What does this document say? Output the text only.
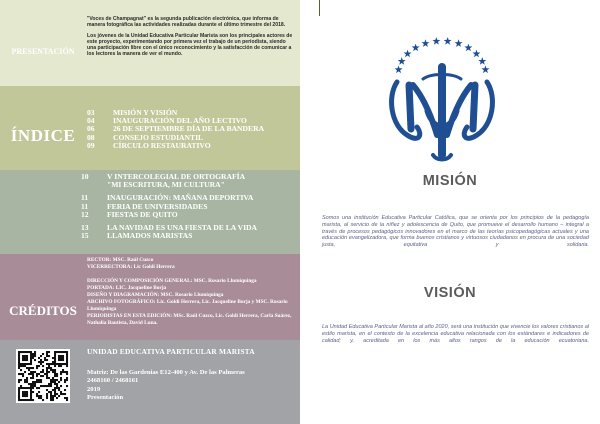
PRESENTACIÓN

"Voces de Champagnat" es la segunda publicación electrónica, que informa de manera fotográfica las actividades realizadas durante el último trimestre del 2018.

Los jóvenes de la Unidad Educativa Particular Marista son los principales actores de este proyecto, experimentando por primera vez el trabajo de un periodista, siendo una participación libre con el único reconocimiento y la satisfacción de comunicar a los lectores la manera de ver el mundo.

ÍNDICE
03 MISIÓN Y VISIÓN
04 INAUGURACIÓN DEL AÑO LECTIVO
06 26 DE SEPTIEMBRE DÍA DE LA BANDERA
08 CONSEJO ESTUDIANTIL
09 CÍRCULO RESTAURATIVO
10 V INTERCOLEGIAL DE ORTOGRAFÍA
"MI ESCRITURA, MI CULTURA"
11 INAUGURACIÓN: MAÑANA DEPORTIVA
11 FERIA DE UNIVERSIDADES
12 FIESTAS DE QUITO
13 LA NAVIDAD ES UNA FIESTA DE LA VIDA
15 LLAMADOS MARISTAS
CRÉDITOS

RECTOR: MSC. Raúl Cuzco

VICERRECTORA: Lic Goldi Herrera

DIRECCIÓN Y COMPOSICIÓN GENERAL: MSC. Rosario Llumiquinga

PORTADA: LIC. Jacqueline Borja

DISEÑO Y DIAGRAMACIÓN: MSC. Rosario Llumiquinga

ARCHIVO FOTOGRÁFICO: Lic. Goldi Herrera, Lic. Jacqueline Borja y MSC. Rosario Llumiquinga

PERIODISTAS EN ESTA EDICIÓN: MSc. Raúl Cuzco, Lic. Goldi Herrera, Carla Suárez, Nathalia Bautista, David Luna.

UNIDAD EDUCATIVA PARTICULAR MARISTA

Matriz: De las Gardenias E12-400 y Av. De las Palmeras

2468160 / 2468161

2019

Presentación

MISIÓN
Somos una institución Educativa Particular Católica, que se orienta por los principios de la pedagogía marista, al servicio de la niñez y adolescencia de Quito, que promueve el desarrollo humano – integral a través de procesos pedagógicos innovadores en el marco de las teorías psicopedagógicas actuales y una educación evangelizadora, que forma buenos cristianos y virtuosos ciudadanos en procura de una sociedad justa, equitativa y solidaria.
VISIÓN
La Unidad Educativa Particular Marista al año 2020, será una institución que vivencie los valores cristianos al estilo marista, en el contexto de la excelencia educativa relacionada con los estándares e indicadores de calidad; y, acreditada en los más altos rangos de la educación ecuatoriana.
